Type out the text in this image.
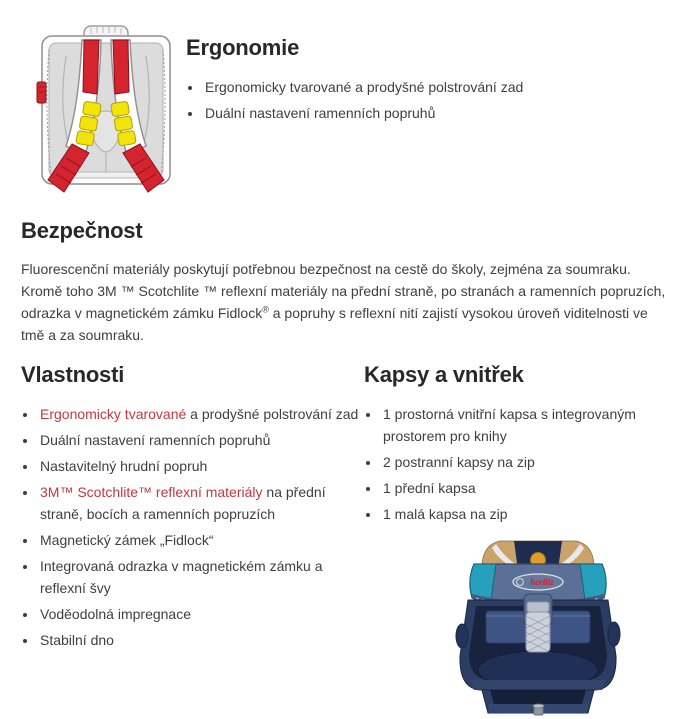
Ergonomie
• Ergonomicky tvarované a prodyšné polstrování zad
• Duální nastavení ramenních popruhů
Bezpečnost

Fluorescenční materiály poskytují potřebnou bezpečnost na cestě do školy, zejména za soumraku. Kromě toho 3M ™ Scotchlite ™ reflexní materiály na přední straně, po stranách a ramenních popruzích, odrazka v magnetickém zámku Fidlock® a popruhy s reflexní nití zajistí vysokou úroveň viditelnosti ve tmě a za soumraku.

Vlastnosti
• Ergonomicky tvarované a prodyšné polstrování zad
• Duální nastavení ramenních popruhů
• Nastavitelný hrudní popruh
• 3M™ Scotchlite™ reflexní materiály na přední straně, bocích a ramenních popruzích
• Magnetický zámek „Fidlock“
• Integrovaná odrazka v magnetickém zámku a reflexní švy
• Voděodolná impregnace
• Stabilní dno
Kapsy a vnitřek
• 1 prostorná vnitřní kapsa s integrovaným prostorem pro knihy
• 2 postranní kapsy na zip
• 1 přední kapsa
• 1 malá kapsa na zip
herlitz
